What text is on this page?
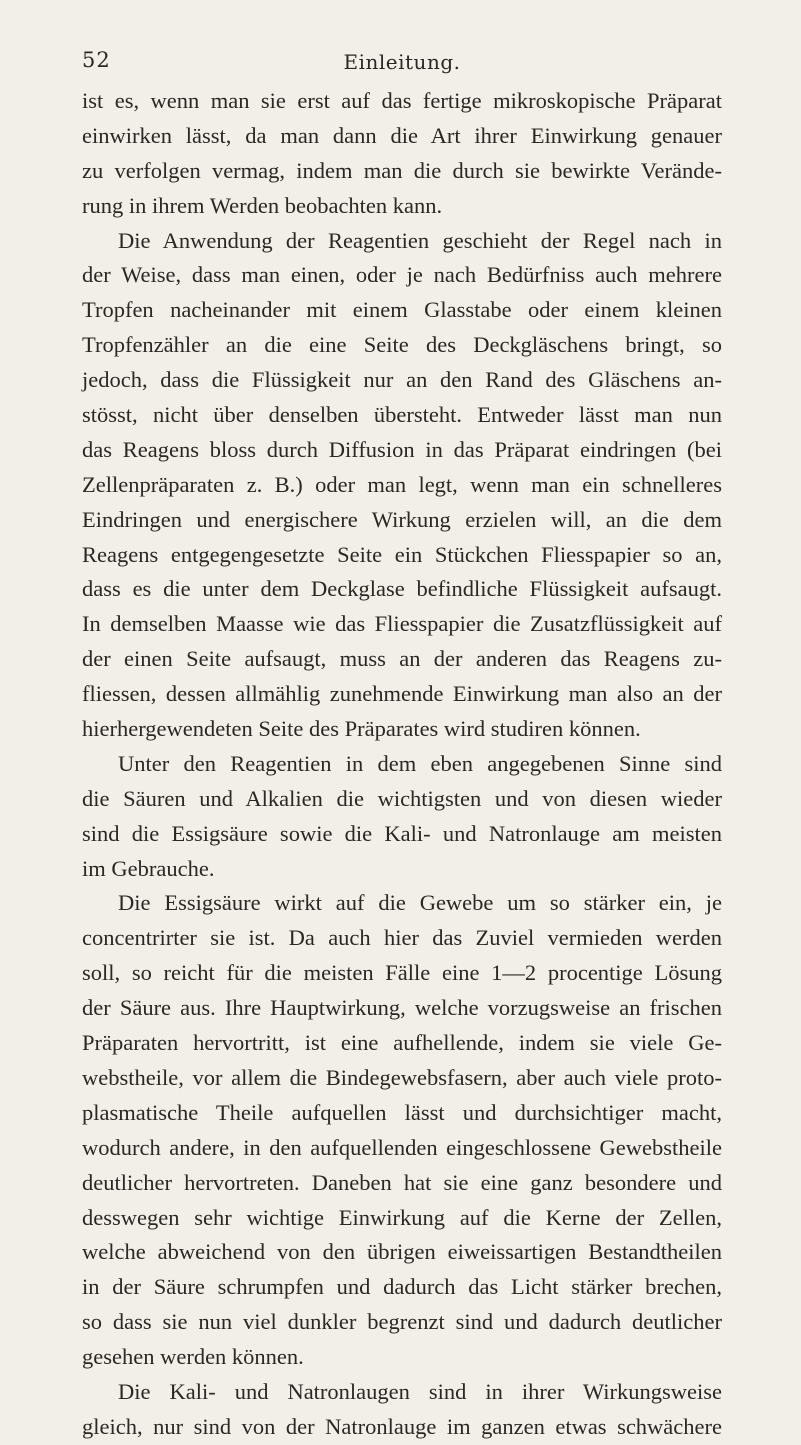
52	Einleitung.
ist es, wenn man sie erst auf das fertige mikroskopische Präparat
einwirken lässt, da man dann die Art ihrer Einwirkung genauer
zu verfolgen vermag, indem man die durch sie bewirkte Verände-
rung in ihrem Werden beobachten kann.
Die Anwendung der Reagentien geschieht der Regel nach in
der Weise, dass man einen, oder je nach Bedürfniss auch mehrere
Tropfen nacheinander mit einem Glasstabe oder einem kleinen
Tropfenzähler an die eine Seite des Deckgläschens bringt, so
jedoch, dass die Flüssigkeit nur an den Rand des Gläschens an-
stösst, nicht über denselben übersteht. Entweder lässt man nun
das Reagens bloss durch Diffusion in das Präparat eindringen (bei
Zellenpräparaten z. B.) oder man legt, wenn man ein schnelleres
Eindringen und energischere Wirkung erzielen will, an die dem
Reagens entgegengesetzte Seite ein Stückchen Fliesspapier so an,
dass es die unter dem Deckglase befindliche Flüssigkeit aufsaugt.
In demselben Maasse wie das Fliesspapier die Zusatzflüssigkeit auf
der einen Seite aufsaugt, muss an der anderen das Reagens zu-
fliessen, dessen allmählig zunehmende Einwirkung man also an der
hierhergewendeten Seite des Präparates wird studiren können.
Unter den Reagentien in dem eben angegebenen Sinne sind
die Säuren und Alkalien die wichtigsten und von diesen wieder
sind die Essigsäure sowie die Kali- und Natronlauge am meisten
im Gebrauche.
Die Essigsäure wirkt auf die Gewebe um so stärker ein, je
concentrirter sie ist. Da auch hier das Zuviel vermieden werden
soll, so reicht für die meisten Fälle eine 1—2 procentige Lösung
der Säure aus. Ihre Hauptwirkung, welche vorzugsweise an frischen
Präparaten hervortritt, ist eine aufhellende, indem sie viele Ge-
webstheile, vor allem die Bindegewebsfasern, aber auch viele proto-
plasmatische Theile aufquellen lässt und durchsichtiger macht,
wodurch andere, in den aufquellenden eingeschlossene Gewebstheile
deutlicher hervortreten. Daneben hat sie eine ganz besondere und
desswegen sehr wichtige Einwirkung auf die Kerne der Zellen,
welche abweichend von den übrigen eiweissartigen Bestandtheilen
in der Säure schrumpfen und dadurch das Licht stärker brechen,
so dass sie nun viel dunkler begrenzt sind und dadurch deutlicher
gesehen werden können.
Die Kali- und Natronlaugen sind in ihrer Wirkungsweise
gleich, nur sind von der Natronlauge im ganzen etwas schwächere
